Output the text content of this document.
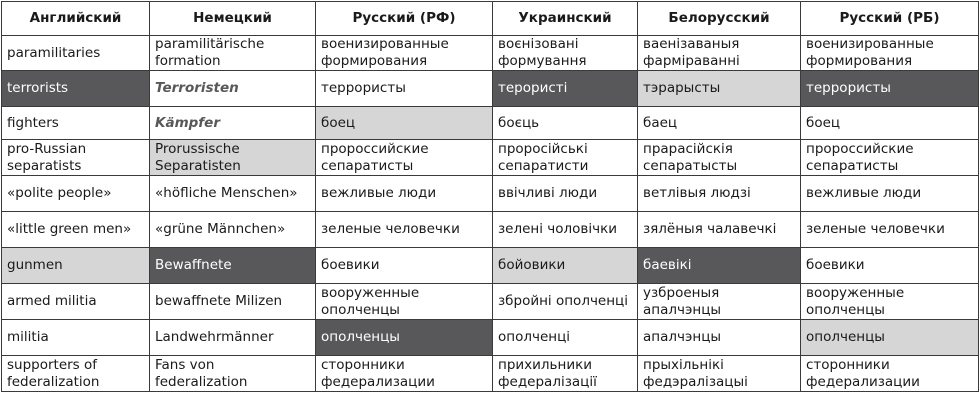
Английский	Немецкий	Русский (РФ)	Украинский	Белорусский	Русский (РБ)
paramilitaries	paramilitärische formation	военизированные формирования	воєнізовані формування	ваенізаваныя фарміраванні	военизированные формирования
terrorists	Terroristen	террористы	терористі	тэрарысты	террористы
fighters	Kämpfer	боец	боєць	баец	боец
pro-Russian separatists	Prorussische Separatisten	пророссийские сепаратисты	проросійські сепаратисти	прарасійскія сепаратысты	пророссийские сепаратисты
«polite people»	«höfliche Menschen»	вежливые люди	ввічливі люди	ветлівыя людзі	вежливые люди
«little green men»	«grüne Männchen»	зеленые человечки	зелені чоловічки	зялёныя чалавечкі	зеленые человечки
gunmen	Bewaffnete	боевики	бойовики	баевікі	боевики
armed militia	bewaffnete Milizen	вооруженные ополченцы	збройні ополченці	узброеныя апалчэнцы	вооруженные ополченцы
militia	Landwehrmänner	ополченцы	ополченці	апалчэнцы	ополченцы
supporters of federalization	Fans von federalization	сторонники федерализации	прихильники федералізації	прыхільнікі федэралізацыі	сторонники федерализации
